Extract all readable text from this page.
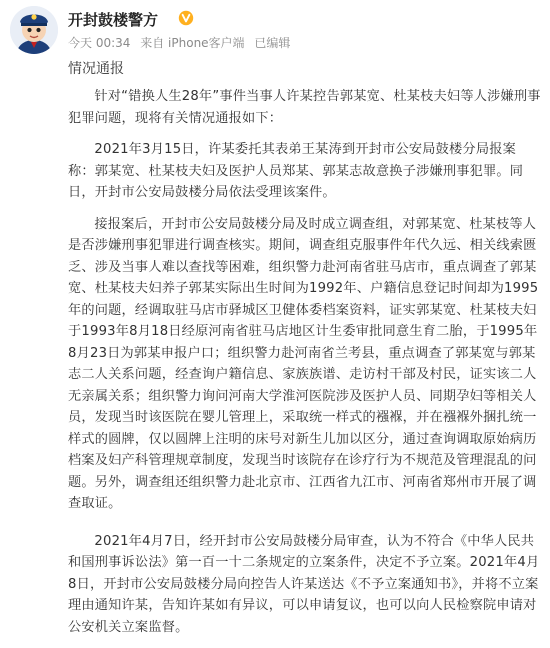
开封鼓楼警方
今天 00:34 来自 iPhone客户端 已编辑
情况通报

针对“错换人生28年”事件当事人许某控告郭某宽、杜某枝夫妇等人涉嫌刑事犯罪问题，现将有关情况通报如下：

2021年3月15日，许某委托其表弟王某涛到开封市公安局鼓楼分局报案称：郭某宽、杜某枝夫妇及医护人员郑某、郭某志故意换子涉嫌刑事犯罪。同日，开封市公安局鼓楼分局依法受理该案件。

接报案后，开封市公安局鼓楼分局及时成立调查组，对郭某宽、杜某枝等人是否涉嫌刑事犯罪进行调查核实。期间，调查组克服事件年代久远、相关线索匮乏、涉及当事人难以查找等困难，组织警力赴河南省驻马店市，重点调查了郭某宽、杜某枝夫妇养子郭某实际出生时间为1992年、户籍信息登记时间却为1995年的问题，经调取驻马店市驿城区卫健体委档案资料，证实郭某宽、杜某枝夫妇于1993年8月18日经原河南省驻马店地区计生委审批同意生育二胎，于1995年8月23日为郭某申报户口；组织警力赴河南省兰考县，重点调查了郭某宽与郭某志二人关系问题，经查询户籍信息、家族族谱、走访村干部及村民，证实该二人无亲属关系；组织警力询问河南大学淮河医院涉及医护人员、同期孕妇等相关人员，发现当时该医院在婴儿管理上，采取统一样式的襁褓，并在襁褓外捆扎统一样式的圆牌，仅以圆牌上注明的床号对新生儿加以区分，通过查询调取原始病历档案及妇产科管理规章制度，发现当时该院存在诊疗行为不规范及管理混乱的问题。另外，调查组还组织警力赴北京市、江西省九江市、河南省郑州市开展了调查取证。

2021年4月7日，经开封市公安局鼓楼分局审查，认为不符合《中华人民共和国刑事诉讼法》第一百一十二条规定的立案条件，决定不予立案。2021年4月8日，开封市公安局鼓楼分局向控告人许某送达《不予立案通知书》，并将不立案理由通知许某，告知许某如有异议，可以申请复议，也可以向人民检察院申请对公安机关立案监督。
